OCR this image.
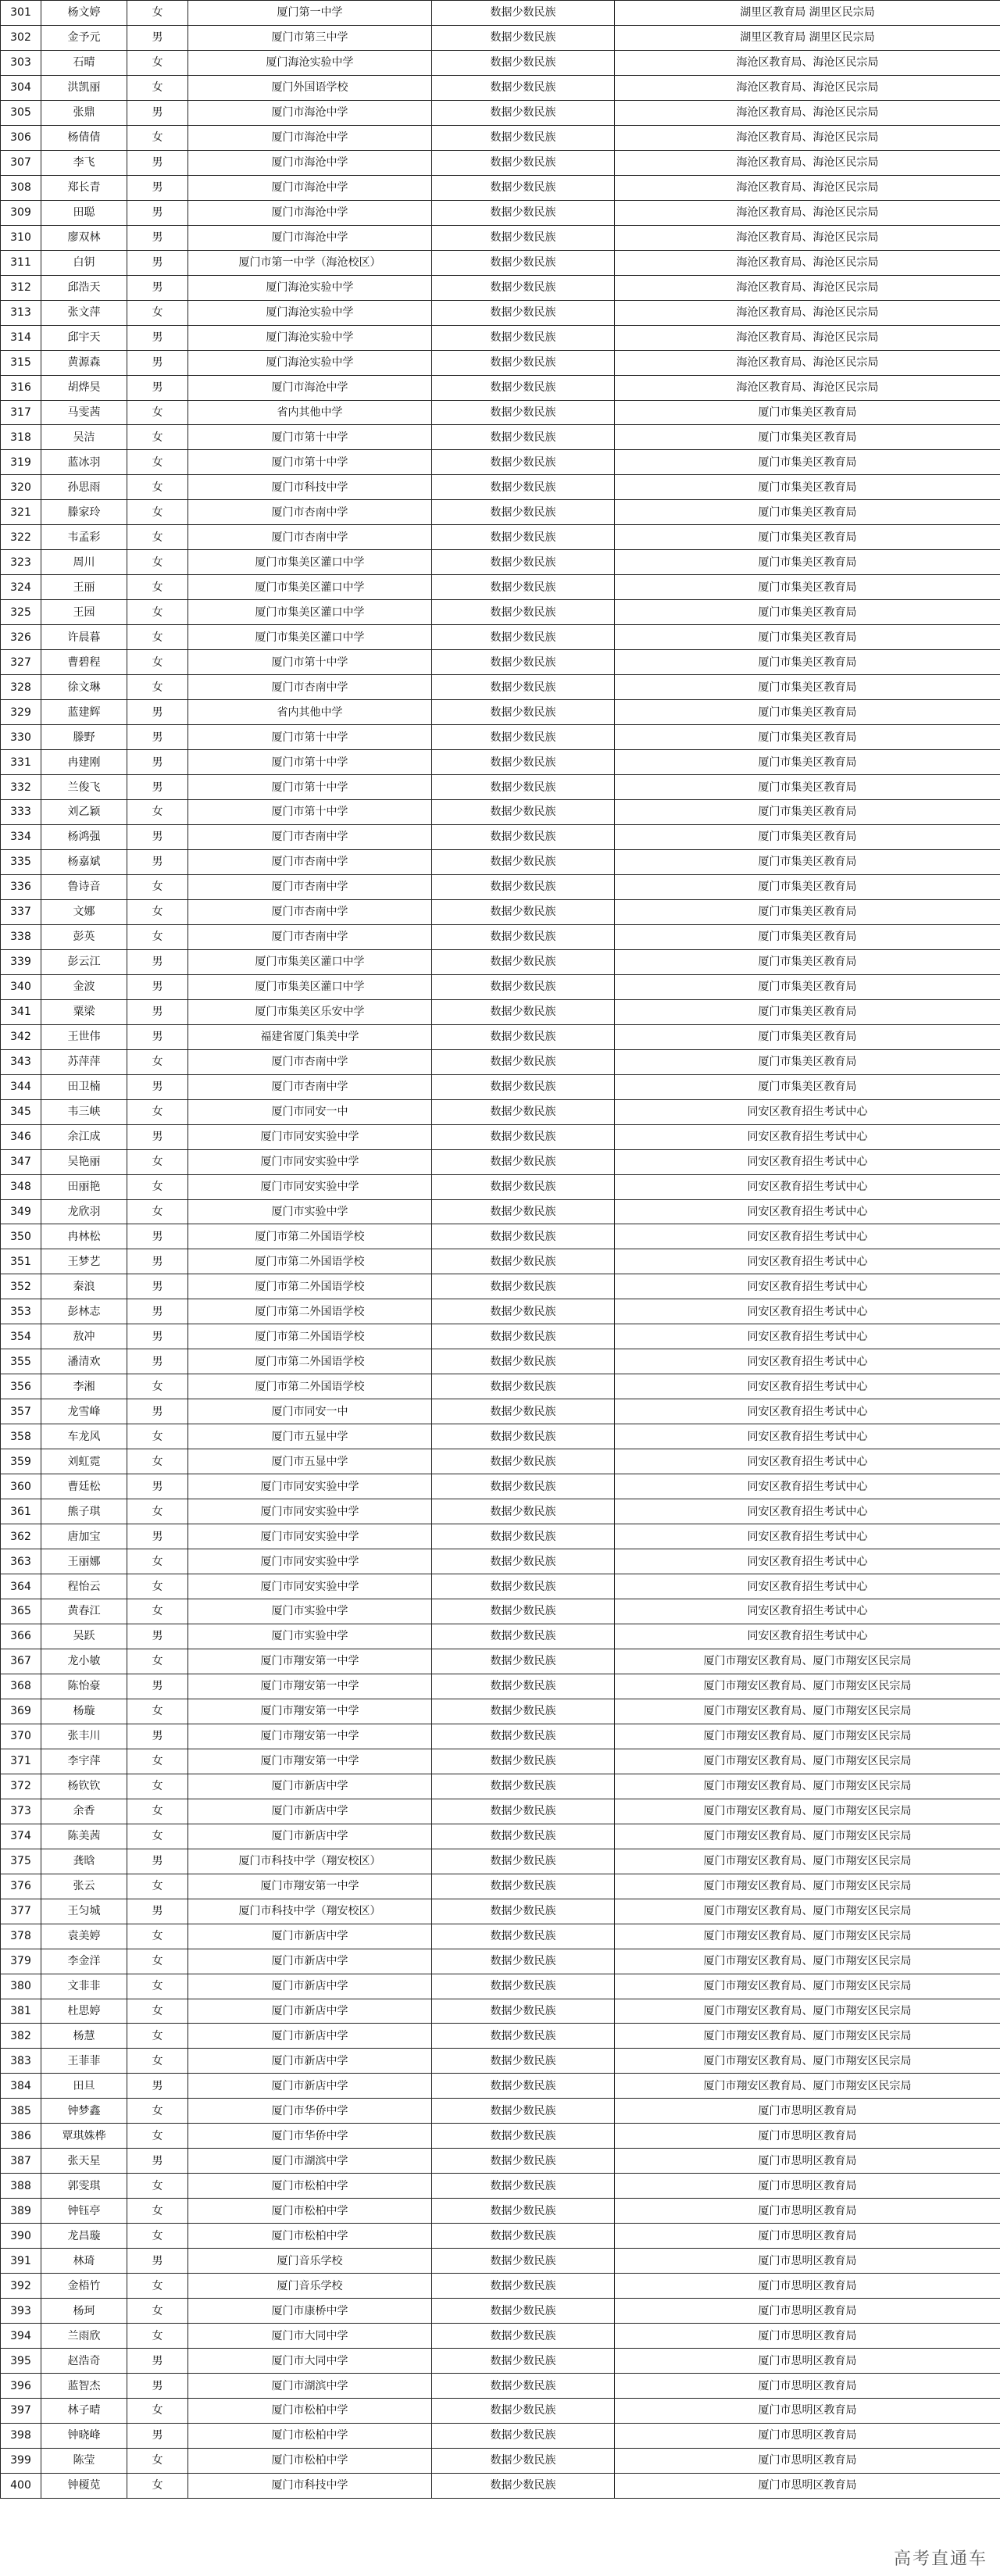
301	杨文婷	女	厦门第一中学	数据少数民族	湖里区教育局 湖里区民宗局
302	金予元	男	厦门市第三中学	数据少数民族	湖里区教育局 湖里区民宗局
303	石晴	女	厦门海沧实验中学	数据少数民族	海沧区教育局、海沧区民宗局
304	洪凯丽	女	厦门外国语学校	数据少数民族	海沧区教育局、海沧区民宗局
305	张鼎	男	厦门市海沧中学	数据少数民族	海沧区教育局、海沧区民宗局
306	杨倩倩	女	厦门市海沧中学	数据少数民族	海沧区教育局、海沧区民宗局
307	李飞	男	厦门市海沧中学	数据少数民族	海沧区教育局、海沧区民宗局
308	郑长青	男	厦门市海沧中学	数据少数民族	海沧区教育局、海沧区民宗局
309	田聪	男	厦门市海沧中学	数据少数民族	海沧区教育局、海沧区民宗局
310	廖双林	男	厦门市海沧中学	数据少数民族	海沧区教育局、海沧区民宗局
311	白钥	男	厦门市第一中学（海沧校区）	数据少数民族	海沧区教育局、海沧区民宗局
312	邱浩天	男	厦门海沧实验中学	数据少数民族	海沧区教育局、海沧区民宗局
313	张文萍	女	厦门海沧实验中学	数据少数民族	海沧区教育局、海沧区民宗局
314	邱宇天	男	厦门海沧实验中学	数据少数民族	海沧区教育局、海沧区民宗局
315	黄源森	男	厦门海沧实验中学	数据少数民族	海沧区教育局、海沧区民宗局
316	胡烨昊	男	厦门市海沧中学	数据少数民族	海沧区教育局、海沧区民宗局
317	马雯茜	女	省内其他中学	数据少数民族	厦门市集美区教育局
318	吴洁	女	厦门市第十中学	数据少数民族	厦门市集美区教育局
319	蓝冰羽	女	厦门市第十中学	数据少数民族	厦门市集美区教育局
320	孙思雨	女	厦门市科技中学	数据少数民族	厦门市集美区教育局
321	滕家玲	女	厦门市杏南中学	数据少数民族	厦门市集美区教育局
322	韦孟彩	女	厦门市杏南中学	数据少数民族	厦门市集美区教育局
323	周川	女	厦门市集美区灌口中学	数据少数民族	厦门市集美区教育局
324	王丽	女	厦门市集美区灌口中学	数据少数民族	厦门市集美区教育局
325	王园	女	厦门市集美区灌口中学	数据少数民族	厦门市集美区教育局
326	许晨暮	女	厦门市集美区灌口中学	数据少数民族	厦门市集美区教育局
327	曹碧程	女	厦门市第十中学	数据少数民族	厦门市集美区教育局
328	徐文琳	女	厦门市杏南中学	数据少数民族	厦门市集美区教育局
329	蓝建辉	男	省内其他中学	数据少数民族	厦门市集美区教育局
330	滕野	男	厦门市第十中学	数据少数民族	厦门市集美区教育局
331	冉建刚	男	厦门市第十中学	数据少数民族	厦门市集美区教育局
332	兰俊飞	男	厦门市第十中学	数据少数民族	厦门市集美区教育局
333	刘乙颖	女	厦门市第十中学	数据少数民族	厦门市集美区教育局
334	杨鸿强	男	厦门市杏南中学	数据少数民族	厦门市集美区教育局
335	杨嘉斌	男	厦门市杏南中学	数据少数民族	厦门市集美区教育局
336	鲁诗音	女	厦门市杏南中学	数据少数民族	厦门市集美区教育局
337	文娜	女	厦门市杏南中学	数据少数民族	厦门市集美区教育局
338	彭英	女	厦门市杏南中学	数据少数民族	厦门市集美区教育局
339	彭云江	男	厦门市集美区灌口中学	数据少数民族	厦门市集美区教育局
340	金波	男	厦门市集美区灌口中学	数据少数民族	厦门市集美区教育局
341	粟梁	男	厦门市集美区乐安中学	数据少数民族	厦门市集美区教育局
342	王世伟	男	福建省厦门集美中学	数据少数民族	厦门市集美区教育局
343	苏萍萍	女	厦门市杏南中学	数据少数民族	厦门市集美区教育局
344	田卫楠	男	厦门市杏南中学	数据少数民族	厦门市集美区教育局
345	韦三峡	女	厦门市同安一中	数据少数民族	同安区教育招生考试中心
346	余江成	男	厦门市同安实验中学	数据少数民族	同安区教育招生考试中心
347	吴艳丽	女	厦门市同安实验中学	数据少数民族	同安区教育招生考试中心
348	田丽艳	女	厦门市同安实验中学	数据少数民族	同安区教育招生考试中心
349	龙欣羽	女	厦门市实验中学	数据少数民族	同安区教育招生考试中心
350	冉林松	男	厦门市第二外国语学校	数据少数民族	同安区教育招生考试中心
351	王梦艺	男	厦门市第二外国语学校	数据少数民族	同安区教育招生考试中心
352	秦浪	男	厦门市第二外国语学校	数据少数民族	同安区教育招生考试中心
353	彭林志	男	厦门市第二外国语学校	数据少数民族	同安区教育招生考试中心
354	敖冲	男	厦门市第二外国语学校	数据少数民族	同安区教育招生考试中心
355	潘清欢	男	厦门市第二外国语学校	数据少数民族	同安区教育招生考试中心
356	李湘	女	厦门市第二外国语学校	数据少数民族	同安区教育招生考试中心
357	龙雪峰	男	厦门市同安一中	数据少数民族	同安区教育招生考试中心
358	车龙风	女	厦门市五显中学	数据少数民族	同安区教育招生考试中心
359	刘虹霓	女	厦门市五显中学	数据少数民族	同安区教育招生考试中心
360	曹廷松	男	厦门市同安实验中学	数据少数民族	同安区教育招生考试中心
361	熊子琪	女	厦门市同安实验中学	数据少数民族	同安区教育招生考试中心
362	唐加宝	男	厦门市同安实验中学	数据少数民族	同安区教育招生考试中心
363	王丽娜	女	厦门市同安实验中学	数据少数民族	同安区教育招生考试中心
364	程怡云	女	厦门市同安实验中学	数据少数民族	同安区教育招生考试中心
365	黄春江	女	厦门市实验中学	数据少数民族	同安区教育招生考试中心
366	吴跃	男	厦门市实验中学	数据少数民族	同安区教育招生考试中心
367	龙小敏	女	厦门市翔安第一中学	数据少数民族	厦门市翔安区教育局、厦门市翔安区民宗局
368	陈怡豪	男	厦门市翔安第一中学	数据少数民族	厦门市翔安区教育局、厦门市翔安区民宗局
369	杨璇	女	厦门市翔安第一中学	数据少数民族	厦门市翔安区教育局、厦门市翔安区民宗局
370	张丰川	男	厦门市翔安第一中学	数据少数民族	厦门市翔安区教育局、厦门市翔安区民宗局
371	李宇萍	女	厦门市翔安第一中学	数据少数民族	厦门市翔安区教育局、厦门市翔安区民宗局
372	杨钦钦	女	厦门市新店中学	数据少数民族	厦门市翔安区教育局、厦门市翔安区民宗局
373	余香	女	厦门市新店中学	数据少数民族	厦门市翔安区教育局、厦门市翔安区民宗局
374	陈美茜	女	厦门市新店中学	数据少数民族	厦门市翔安区教育局、厦门市翔安区民宗局
375	龚晗	男	厦门市科技中学（翔安校区）	数据少数民族	厦门市翔安区教育局、厦门市翔安区民宗局
376	张云	女	厦门市翔安第一中学	数据少数民族	厦门市翔安区教育局、厦门市翔安区民宗局
377	王匀城	男	厦门市科技中学（翔安校区）	数据少数民族	厦门市翔安区教育局、厦门市翔安区民宗局
378	袁美婷	女	厦门市新店中学	数据少数民族	厦门市翔安区教育局、厦门市翔安区民宗局
379	李金洋	女	厦门市新店中学	数据少数民族	厦门市翔安区教育局、厦门市翔安区民宗局
380	文非非	女	厦门市新店中学	数据少数民族	厦门市翔安区教育局、厦门市翔安区民宗局
381	杜思婷	女	厦门市新店中学	数据少数民族	厦门市翔安区教育局、厦门市翔安区民宗局
382	杨慧	女	厦门市新店中学	数据少数民族	厦门市翔安区教育局、厦门市翔安区民宗局
383	王菲菲	女	厦门市新店中学	数据少数民族	厦门市翔安区教育局、厦门市翔安区民宗局
384	田旦	男	厦门市新店中学	数据少数民族	厦门市翔安区教育局、厦门市翔安区民宗局
385	钟梦鑫	女	厦门市华侨中学	数据少数民族	厦门市思明区教育局
386	覃琪姝桦	女	厦门市华侨中学	数据少数民族	厦门市思明区教育局
387	张天星	男	厦门市湖滨中学	数据少数民族	厦门市思明区教育局
388	郭雯琪	女	厦门市松柏中学	数据少数民族	厦门市思明区教育局
389	钟钰亭	女	厦门市松柏中学	数据少数民族	厦门市思明区教育局
390	龙昌璇	女	厦门市松柏中学	数据少数民族	厦门市思明区教育局
391	林琦	男	厦门音乐学校	数据少数民族	厦门市思明区教育局
392	金梧竹	女	厦门音乐学校	数据少数民族	厦门市思明区教育局
393	杨珂	女	厦门市康桥中学	数据少数民族	厦门市思明区教育局
394	兰雨欣	女	厦门市大同中学	数据少数民族	厦门市思明区教育局
395	赵浩奇	男	厦门市大同中学	数据少数民族	厦门市思明区教育局
396	蓝智杰	男	厦门市湖滨中学	数据少数民族	厦门市思明区教育局
397	林子晴	女	厦门市松柏中学	数据少数民族	厦门市思明区教育局
398	钟晓峰	男	厦门市松柏中学	数据少数民族	厦门市思明区教育局
399	陈莹	女	厦门市松柏中学	数据少数民族	厦门市思明区教育局
400	钟榎苋	女	厦门市科技中学	数据少数民族	厦门市思明区教育局
高考直通车
